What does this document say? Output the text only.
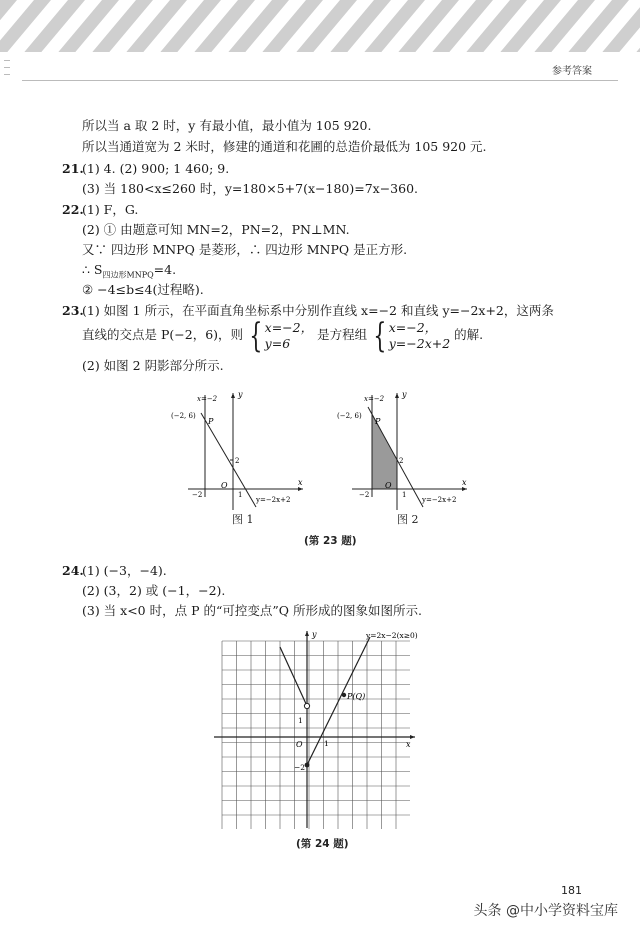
参考答案
所以当 a 取 2 时，y 有最小值，最小值为 105 920.
所以当通道宽为 2 米时，修建的通道和花圃的总造价最低为 105 920 元.
21.
(1) 4. (2) 900; 1 460; 9.
(3) 当 180<x≤260 时，y=180×5+7(x−180)=7x−360.
22.
(1) F，G.
(2) ① 由题意可知 MN=2，PN=2，PN⊥MN.
又∵ 四边形 MNPQ 是菱形，∴ 四边形 MNPQ 是正方形.
∴ $S_{四边形MNPQ}=4$.
② −4≤b≤4(过程略).
23.
(1) 如图 1 所示，在平面直角坐标系中分别作直线 x=−2 和直线 y=−2x+2，这两条
直线的交点是 P(−2，6)，则 { x=−2，
y=6
是方程组 { x=−2，
y=−2x+2
的解.
(2) 如图 2 阴影部分所示.
y
x
x=−2
(−2, 6)
P
2
−2
O
1
y=−2x+2
图 1
y
x
x=−2
(−2, 6)
P
2
−2
O
1
y=−2x+2
图 2
(第 23 题)
24.
(1) (−3，−4).
(2) (3，2) 或 (−1，−2).
(3) 当 x<0 时，点 P 的“可控变点”Q 所形成的图象如图所示.
y
x
y=2x−2(x≥0)
P(Q)
1
1
O
−2
(第 24 题)
181
头条 @中小学资料宝库
